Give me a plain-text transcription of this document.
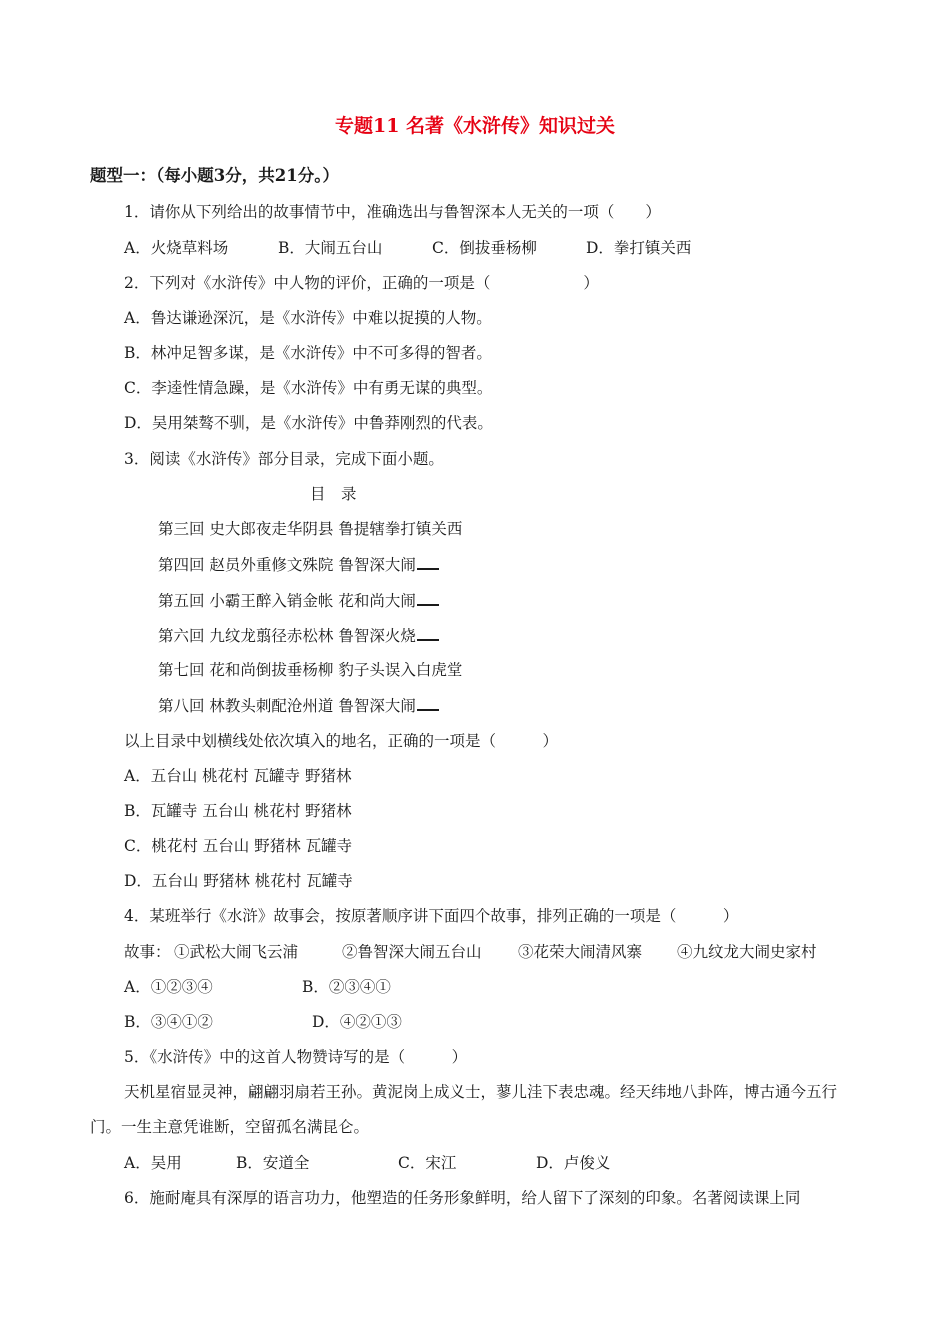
专题11 名著《水浒传》知识过关
题型一：（每小题3分，共21分。）
1．请你从下列给出的故事情节中，准确选出与鲁智深本人无关的一项（　　）
A．火烧草料场	B．大闹五台山	C．倒拔垂杨柳	D．拳打镇关西
2．下列对《水浒传》中人物的评价，正确的一项是（　　　　　　）
A．鲁达谦逊深沉，是《水浒传》中难以捉摸的人物。
B．林冲足智多谋，是《水浒传》中不可多得的智者。
C．李逵性情急躁，是《水浒传》中有勇无谋的典型。
D．吴用桀骜不驯，是《水浒传》中鲁莽刚烈的代表。
3．阅读《水浒传》部分目录，完成下面小题。
目　录
第三回 史大郎夜走华阴县 鲁提辖拳打镇关西
第四回 赵员外重修文殊院 鲁智深大闹
第五回 小霸王醉入销金帐 花和尚大闹
第六回 九纹龙翦径赤松林 鲁智深火烧
第七回 花和尚倒拔垂杨柳 豹子头误入白虎堂
第八回 林教头刺配沧州道 鲁智深大闹
以上目录中划横线处依次填入的地名，正确的一项是（　　　）
A．五台山 桃花村 瓦罐寺 野猪林
B．瓦罐寺 五台山 桃花村 野猪林
C．桃花村 五台山 野猪林 瓦罐寺
D．五台山 野猪林 桃花村 瓦罐寺
4．某班举行《水浒》故事会，按原著顺序讲下面四个故事，排列正确的一项是（　　　）
故事： ①武松大闹飞云浦	②鲁智深大闹五台山 ③花荣大闹清风寨 ④九纹龙大闹史家村
A．①②③④	B．②③④①
B．③④①②	D．④②①③
5．《水浒传》中的这首人物赞诗写的是（　　　）
天机星宿显灵神，翩翩羽扇若王孙。黄泥岗上成义士，蓼儿洼下表忠魂。经天纬地八卦阵，博古通今五行门。一生主意凭谁断，空留孤名满昆仑。
A．吴用	B．安道全	C．宋江	D．卢俊义
6．施耐庵具有深厚的语言功力，他塑造的任务形象鲜明，给人留下了深刻的印象。名著阅读课上同
